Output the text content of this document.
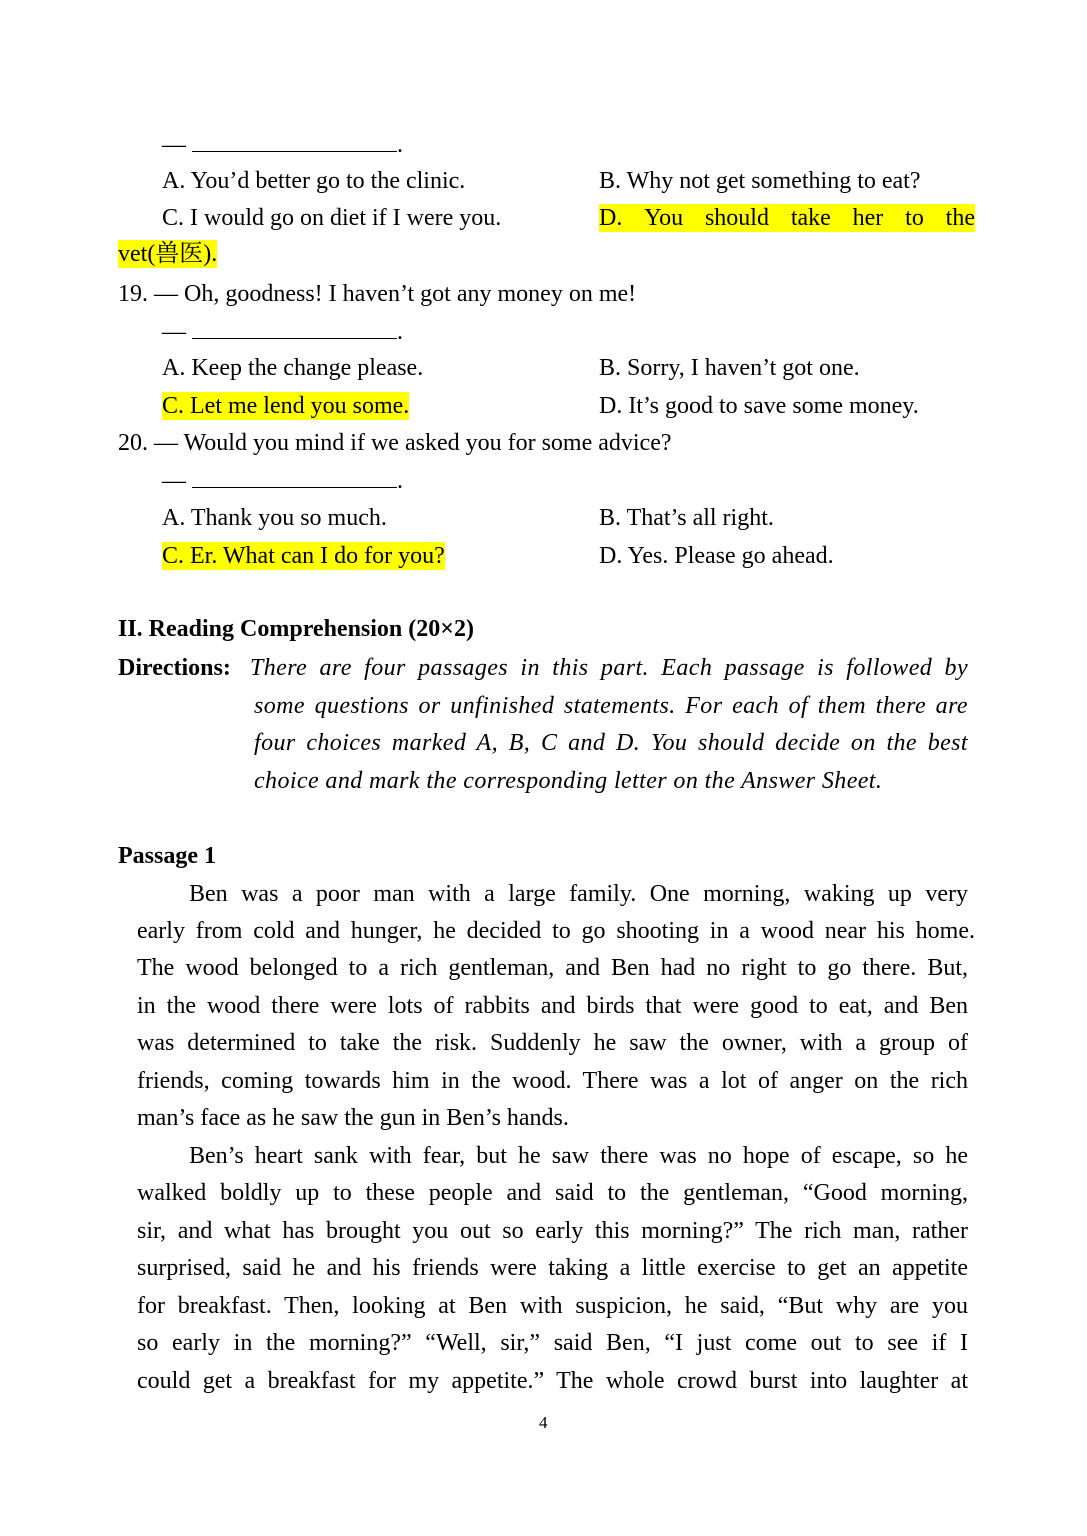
—	.
A. You’d better go to the clinic.	B. Why not get something to eat?
C. I would go on diet if I were you.	D. You should take her to the
vet(兽医).
19. — Oh, goodness! I haven’t got any money on me!
—	.
A. Keep the change please.	B. Sorry, I haven’t got one.
C. Let me lend you some.	D. It’s good to save some money.
20. — Would you mind if we asked you for some advice?
—	.
A. Thank you so much.	B. That’s all right.
C. Er. What can I do for you?	D. Yes. Please go ahead.
II. Reading Comprehension (20×2)
Directions: There are four passages in this part. Each passage is followed by
some questions or unfinished statements. For each of them there are
four choices marked A, B, C and D. You should decide on the best
choice and mark the corresponding letter on the Answer Sheet.
Passage 1
Ben was a poor man with a large family. One morning, waking up very
early from cold and hunger, he decided to go shooting in a wood near his home.
The wood belonged to a rich gentleman, and Ben had no right to go there. But,
in the wood there were lots of rabbits and birds that were good to eat, and Ben
was determined to take the risk. Suddenly he saw the owner, with a group of
friends, coming towards him in the wood. There was a lot of anger on the rich
man’s face as he saw the gun in Ben’s hands.
Ben’s heart sank with fear, but he saw there was no hope of escape, so he
walked boldly up to these people and said to the gentleman, “Good morning,
sir, and what has brought you out so early this morning?” The rich man, rather
surprised, said he and his friends were taking a little exercise to get an appetite
for breakfast. Then, looking at Ben with suspicion, he said, “But why are you
so early in the morning?” “Well, sir,” said Ben, “I just come out to see if I
could get a breakfast for my appetite.” The whole crowd burst into laughter at
4
